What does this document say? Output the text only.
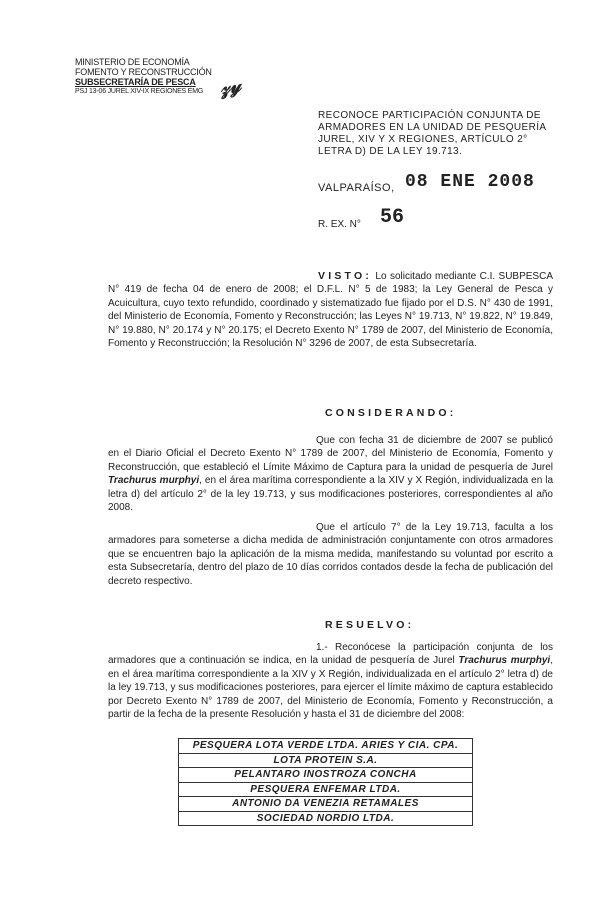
MINISTERIO DE ECONOMÍA
FOMENTO Y RECONSTRUCCIÓN
SUBSECRETARÍA DE PESCA
PSJ 13-06 JUREL XIV-IX REGIONES EMG 𝓏𝓎
RECONOCE PARTICIPACIÓN CONJUNTA DE ARMADORES EN LA UNIDAD DE PESQUERÍA JUREL, XIV Y X REGIONES, ARTÍCULO 2° LETRA D) DE LA LEY 19.713.
VALPARAÍSO, 08 ENE 2008
R. EX. N° 56
VISTO: Lo solicitado mediante C.I. SUBPESCA N° 419 de fecha 04 de enero de 2008; el D.F.L. N° 5 de 1983; la Ley General de Pesca y Acuicultura, cuyo texto refundido, coordinado y sistematizado fue fijado por el D.S. N° 430 de 1991, del Ministerio de Economía, Fomento y Reconstrucción; las Leyes N° 19.713, N° 19.822, N° 19.849, N° 19.880, N° 20.174 y N° 20.175; el Decreto Exento N° 1789 de 2007, del Ministerio de Economía, Fomento y Reconstrucción; la Resolución N° 3296 de 2007, de esta Subsecretaría.
CONSIDERANDO:
Que con fecha 31 de diciembre de 2007 se publicó en el Diario Oficial el Decreto Exento N° 1789 de 2007, del Ministerio de Economía, Fomento y Reconstrucción, que estableció el Límite Máximo de Captura para la unidad de pesquería de Jurel Trachurus murphyi, en el área marítima correspondiente a la XIV y X Región, individualizada en la letra d) del artículo 2° de la ley 19.713, y sus modificaciones posteriores, correspondientes al año 2008.
Que el artículo 7° de la Ley 19.713, faculta a los armadores para someterse a dicha medida de administración conjuntamente con otros armadores que se encuentren bajo la aplicación de la misma medida, manifestando su voluntad por escrito a esta Subsecretaría, dentro del plazo de 10 días corridos contados desde la fecha de publicación del decreto respectivo.
RESUELVO:
1.- Reconócese la participación conjunta de los armadores que a continuación se indica, en la unidad de pesquería de Jurel Trachurus murphyi, en el área marítima correspondiente a la XIV y X Región, individualizada en el artículo 2° letra d) de la ley 19.713, y sus modificaciones posteriores, para ejercer el límite máximo de captura establecido por Decreto Exento N° 1789 de 2007, del Ministerio de Economía, Fomento y Reconstrucción, a partir de la fecha de la presente Resolución y hasta el 31 de diciembre del 2008:
PESQUERA LOTA VERDE LTDA. ARIES Y CIA. CPA.
LOTA PROTEIN S.A.
PELANTARO INOSTROZA CONCHA
PESQUERA ENFEMAR LTDA.
ANTONIO DA VENEZIA RETAMALES
SOCIEDAD NORDIO LTDA.
